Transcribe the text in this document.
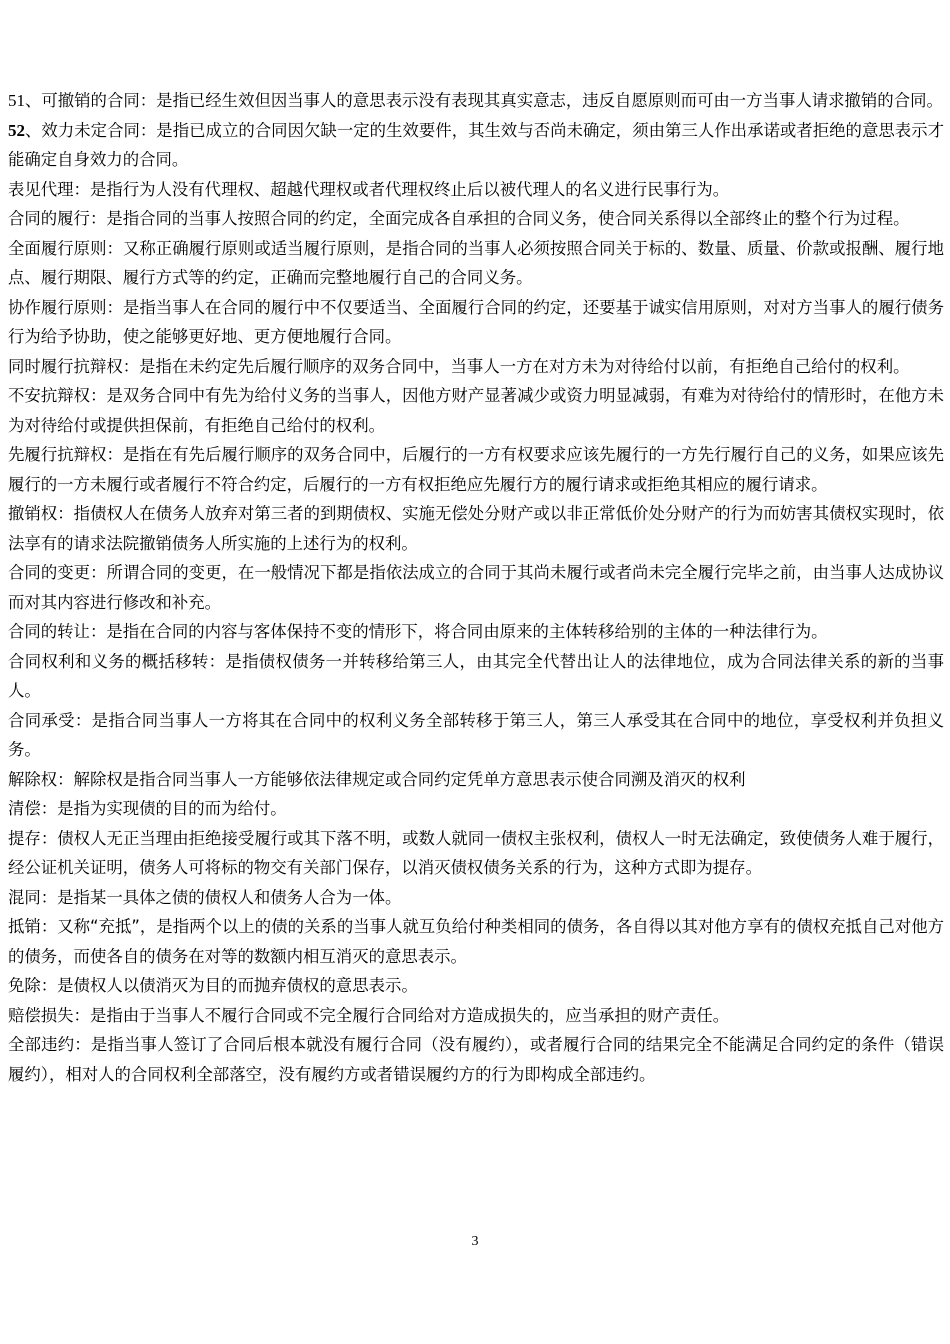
51、可撤销的合同：是指已经生效但因当事人的意思表示没有表现其真实意志，违反自愿原则而可由一方当事人请求撤销的合同。

52、效力未定合同：是指已成立的合同因欠缺一定的生效要件，其生效与否尚未确定，须由第三人作出承诺或者拒绝的意思表示才能确定自身效力的合同。

表见代理：是指行为人没有代理权、超越代理权或者代理权终止后以被代理人的名义进行民事行为。

合同的履行：是指合同的当事人按照合同的约定，全面完成各自承担的合同义务，使合同关系得以全部终止的整个行为过程。

全面履行原则：又称正确履行原则或适当履行原则，是指合同的当事人必须按照合同关于标的、数量、质量、价款或报酬、履行地点、履行期限、履行方式等的约定，正确而完整地履行自己的合同义务。

协作履行原则：是指当事人在合同的履行中不仅要适当、全面履行合同的约定，还要基于诚实信用原则，对对方当事人的履行债务行为给予协助，使之能够更好地、更方便地履行合同。

同时履行抗辩权：是指在未约定先后履行顺序的双务合同中，当事人一方在对方未为对待给付以前，有拒绝自己给付的权利。

不安抗辩权：是双务合同中有先为给付义务的当事人，因他方财产显著减少或资力明显减弱，有难为对待给付的情形时，在他方未为对待给付或提供担保前，有拒绝自己给付的权利。

先履行抗辩权：是指在有先后履行顺序的双务合同中，后履行的一方有权要求应该先履行的一方先行履行自己的义务，如果应该先履行的一方未履行或者履行不符合约定，后履行的一方有权拒绝应先履行方的履行请求或拒绝其相应的履行请求。

撤销权：指债权人在债务人放弃对第三者的到期债权、实施无偿处分财产或以非正常低价处分财产的行为而妨害其债权实现时，依法享有的请求法院撤销债务人所实施的上述行为的权利。

合同的变更：所谓合同的变更，在一般情况下都是指依法成立的合同于其尚未履行或者尚未完全履行完毕之前，由当事人达成协议而对其内容进行修改和补充。

合同的转让：是指在合同的内容与客体保持不变的情形下，将合同由原来的主体转移给别的主体的一种法律行为。

合同权利和义务的概括移转：是指债权债务一并转移给第三人，由其完全代替出让人的法律地位，成为合同法律关系的新的当事人。

合同承受：是指合同当事人一方将其在合同中的权利义务全部转移于第三人，第三人承受其在合同中的地位，享受权利并负担义务。

解除权：解除权是指合同当事人一方能够依法律规定或合同约定凭单方意思表示使合同溯及消灭的权利

清偿：是指为实现债的目的而为给付。

提存：债权人无正当理由拒绝接受履行或其下落不明，或数人就同一债权主张权利，债权人一时无法确定，致使债务人难于履行，经公证机关证明，债务人可将标的物交有关部门保存，以消灭债权债务关系的行为，这种方式即为提存。

混同：是指某一具体之债的债权人和债务人合为一体。

抵销：又称“充抵”，是指两个以上的债的关系的当事人就互负给付种类相同的债务，各自得以其对他方享有的债权充抵自己对他方的债务，而使各自的债务在对等的数额内相互消灭的意思表示。

免除：是债权人以债消灭为目的而抛弃债权的意思表示。

赔偿损失：是指由于当事人不履行合同或不完全履行合同给对方造成损失的，应当承担的财产责任。

全部违约：是指当事人签订了合同后根本就没有履行合同（没有履约），或者履行合同的结果完全不能满足合同约定的条件（错误履约），相对人的合同权利全部落空，没有履约方或者错误履约方的行为即构成全部违约。

3
